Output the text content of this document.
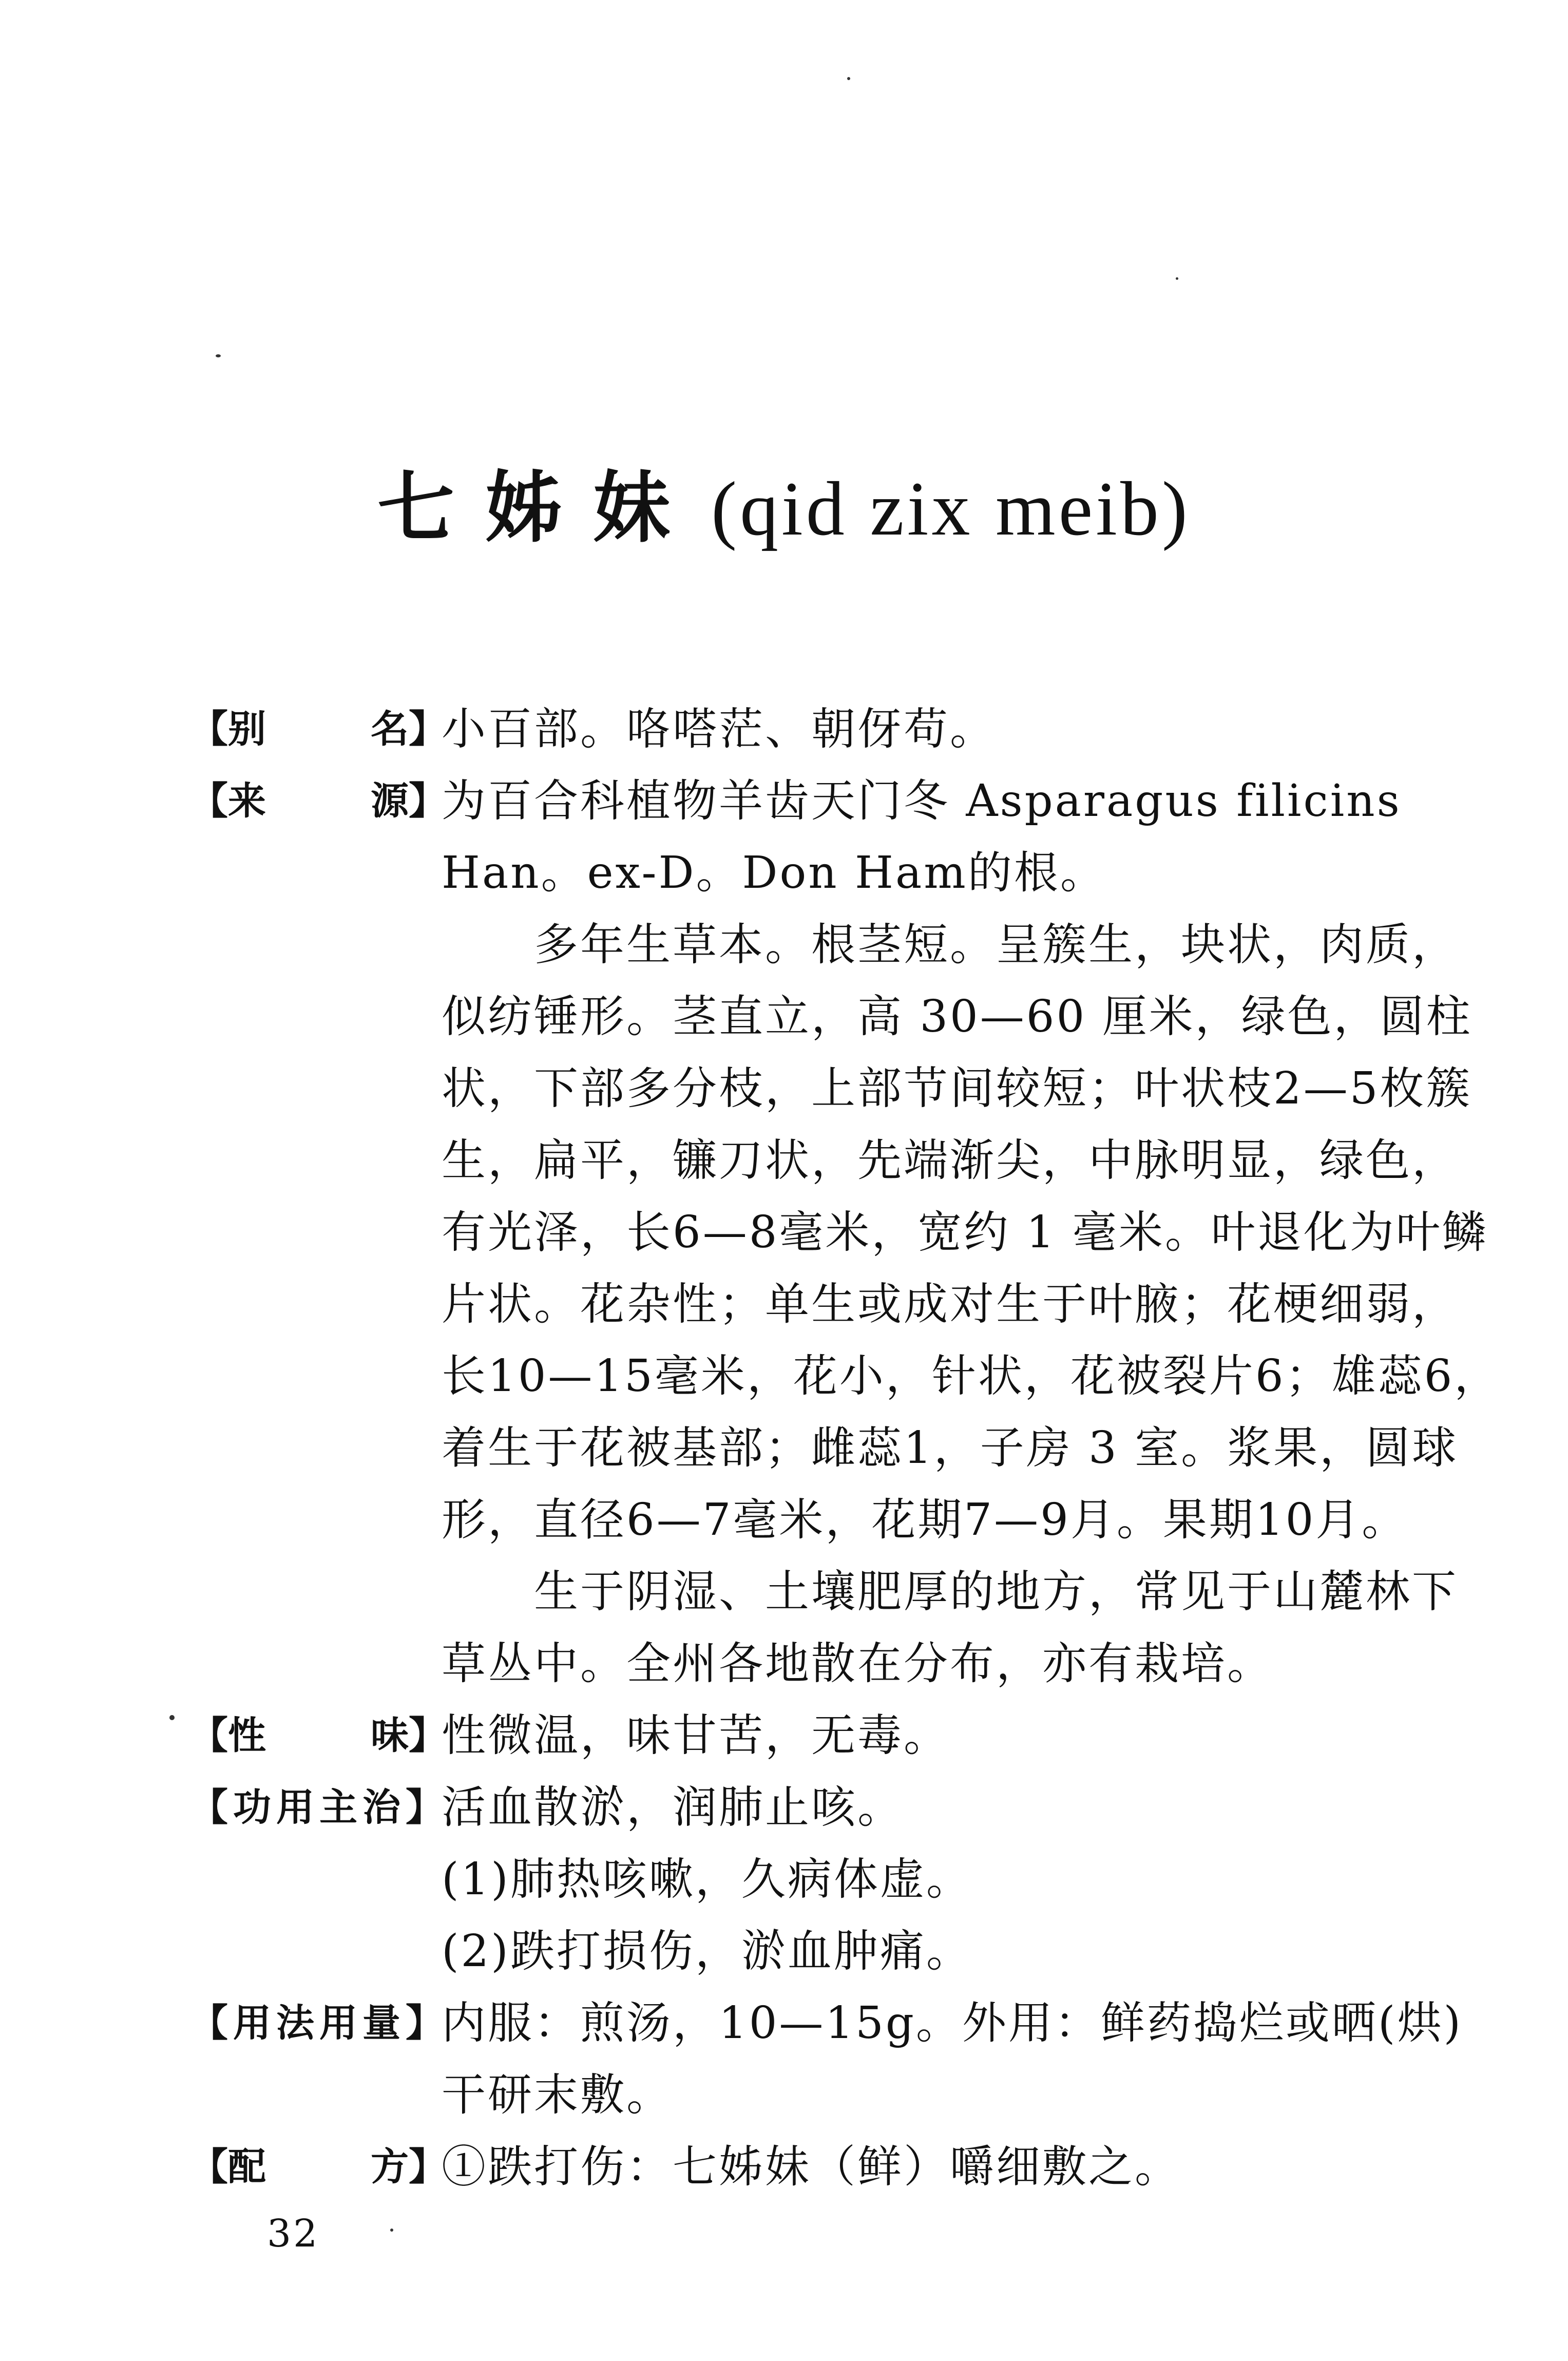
七姊妹 (qid zix meib)
【别	名】
小百部。咯嗒茫、朝伢苟。
【来	源】
为百合科植物羊齿天门冬 Asparagus filicins
Han。ex-D。Don Ham的根。
多年生草本。根茎短。呈簇生，块状，肉质，
似纺锤形。茎直立，高 30—60 厘米，绿色，圆柱
状，下部多分枝，上部节间较短；叶状枝2—5枚簇
生，扁平，镰刀状，先端渐尖，中脉明显，绿色，
有光泽，长6—8毫米，宽约 1 毫米。叶退化为叶鳞
片状。花杂性；单生或成对生于叶腋；花梗细弱，
长10—15毫米，花小，针状，花被裂片6；雄蕊6，
着生于花被基部；雌蕊1，子房 3 室。浆果，圆球
形，直径6—7毫米，花期7—9月。果期10月。
生于阴湿、土壤肥厚的地方，常见于山麓林下
草丛中。全州各地散在分布，亦有栽培。
【性	味】
性微温，味甘苦，无毒。
【功用主治】
活血散淤，润肺止咳。
(1)肺热咳嗽，久病体虚。
(2)跌打损伤，淤血肿痛。
【用法用量】
内服：煎汤，10—15g。外用：鲜药捣烂或晒(烘)
干研末敷。
【配	方】
①跌打伤：七姊妹（鲜）嚼细敷之。
32
